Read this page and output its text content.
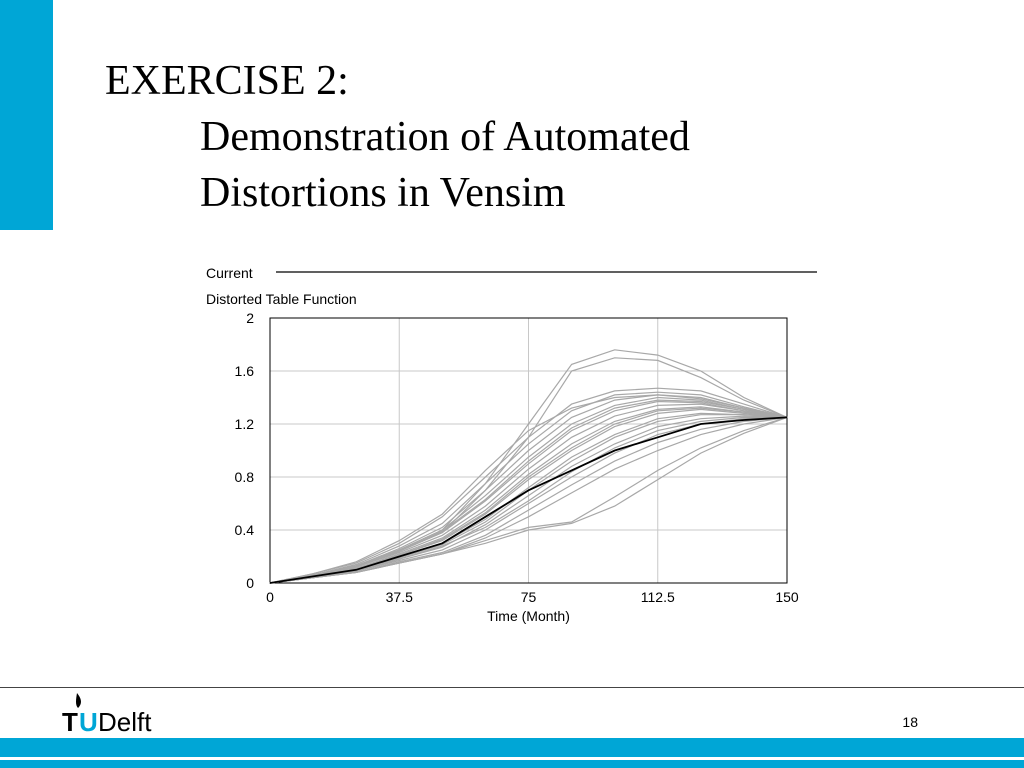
EXERCISE 2:
Demonstration of Automated
Distortions in Vensim
0	37.5	75	112.5	150
0
0.4
0.8
1.2
1.6
2
Time (Month)
Current
Distorted Table Function
T U Delft	18
